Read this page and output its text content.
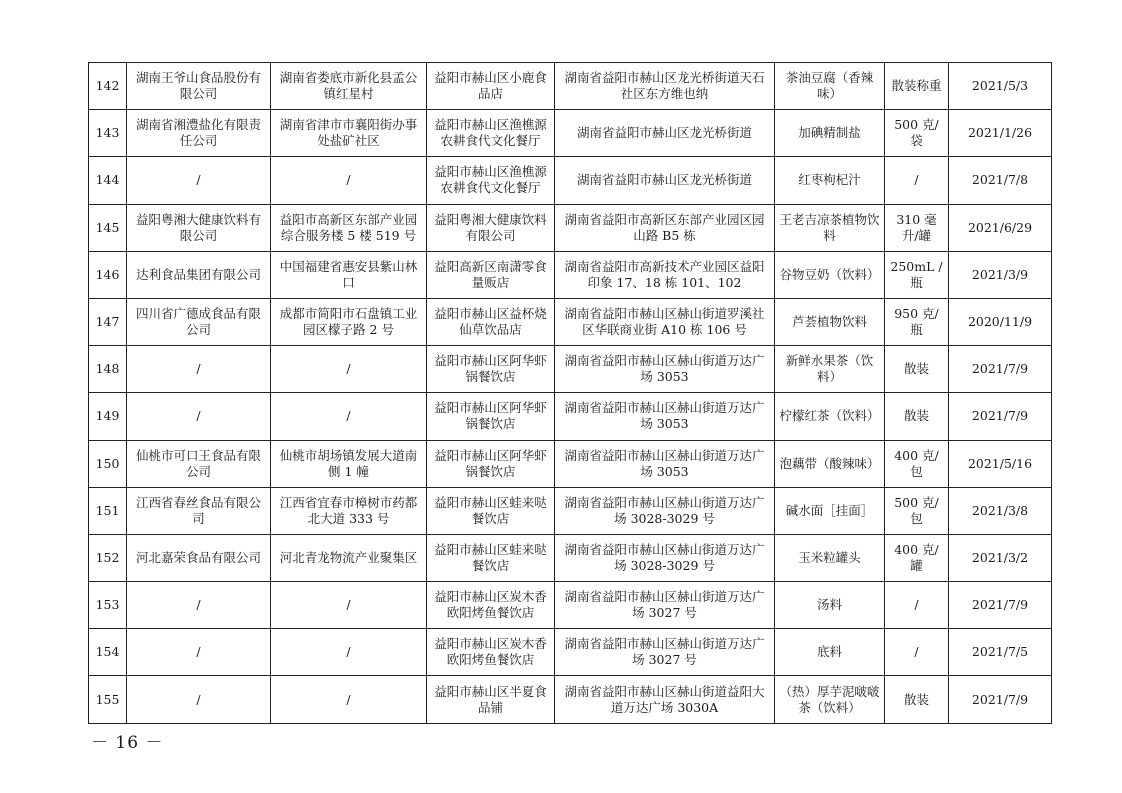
142	湖南王爷山食品股份有限公司	湖南省娄底市新化县孟公镇红星村	益阳市赫山区小鹿食品店	湖南省益阳市赫山区龙光桥街道天石社区东方维也纳	茶油豆腐（香辣味）	散装称重	2021/5/3
143	湖南省湘澧盐化有限责任公司	湖南省津市市襄阳街办事处盐矿社区	益阳市赫山区渔樵源农耕食代文化餐厅	湖南省益阳市赫山区龙光桥街道	加碘精制盐	500 克/袋	2021/1/26
144	/	/	益阳市赫山区渔樵源农耕食代文化餐厅	湖南省益阳市赫山区龙光桥街道	红枣枸杞汁	/	2021/7/8
145	益阳粤湘大健康饮料有限公司	益阳市高新区东部产业园综合服务楼 5 楼 519 号	益阳粤湘大健康饮料有限公司	湖南省益阳市高新区东部产业园区园山路 B5 栋	王老吉凉茶植物饮料	310 毫升/罐	2021/6/29
146	达利食品集团有限公司	中国福建省惠安县紫山林口	益阳高新区南潇零食量贩店	湖南省益阳市高新技术产业园区益阳印象 17、18 栋 101、102	谷物豆奶（饮料）	250mL /瓶	2021/3/9
147	四川省广德成食品有限公司	成都市简阳市石盘镇工业园区檬子路 2 号	益阳市赫山区益杯烧仙草饮品店	湖南省益阳市赫山区赫山街道罗溪社区华联商业街 A10 栋 106 号	芦荟植物饮料	950 克/瓶	2020/11/9
148	/	/	益阳市赫山区阿华虾锅餐饮店	湖南省益阳市赫山区赫山街道万达广场 3053	新鲜水果茶（饮料）	散装	2021/7/9
149	/	/	益阳市赫山区阿华虾锅餐饮店	湖南省益阳市赫山区赫山街道万达广场 3053	柠檬红茶（饮料）	散装	2021/7/9
150	仙桃市可口王食品有限公司	仙桃市胡场镇发展大道南侧 1 幢	益阳市赫山区阿华虾锅餐饮店	湖南省益阳市赫山区赫山街道万达广场 3053	泡藕带（酸辣味）	400 克/包	2021/5/16
151	江西省春丝食品有限公司	江西省宜春市樟树市药都北大道 333 号	益阳市赫山区蛙来哒餐饮店	湖南省益阳市赫山区赫山街道万达广场 3028-3029 号	碱水面［挂面］	500 克/包	2021/3/8
152	河北嘉荣食品有限公司	河北青龙物流产业聚集区	益阳市赫山区蛙来哒餐饮店	湖南省益阳市赫山区赫山街道万达广场 3028-3029 号	玉米粒罐头	400 克/罐	2021/3/2
153	/	/	益阳市赫山区炭木香欧阳烤鱼餐饮店	湖南省益阳市赫山区赫山街道万达广场 3027 号	汤料	/	2021/7/9
154	/	/	益阳市赫山区炭木香欧阳烤鱼餐饮店	湖南省益阳市赫山区赫山街道万达广场 3027 号	底料	/	2021/7/5
155	/	/	益阳市赫山区半夏食品铺	湖南省益阳市赫山区赫山街道益阳大道万达广场 3030A	（热）厚芋泥啵啵茶（饮料）	散装	2021/7/9
－ 16 －
